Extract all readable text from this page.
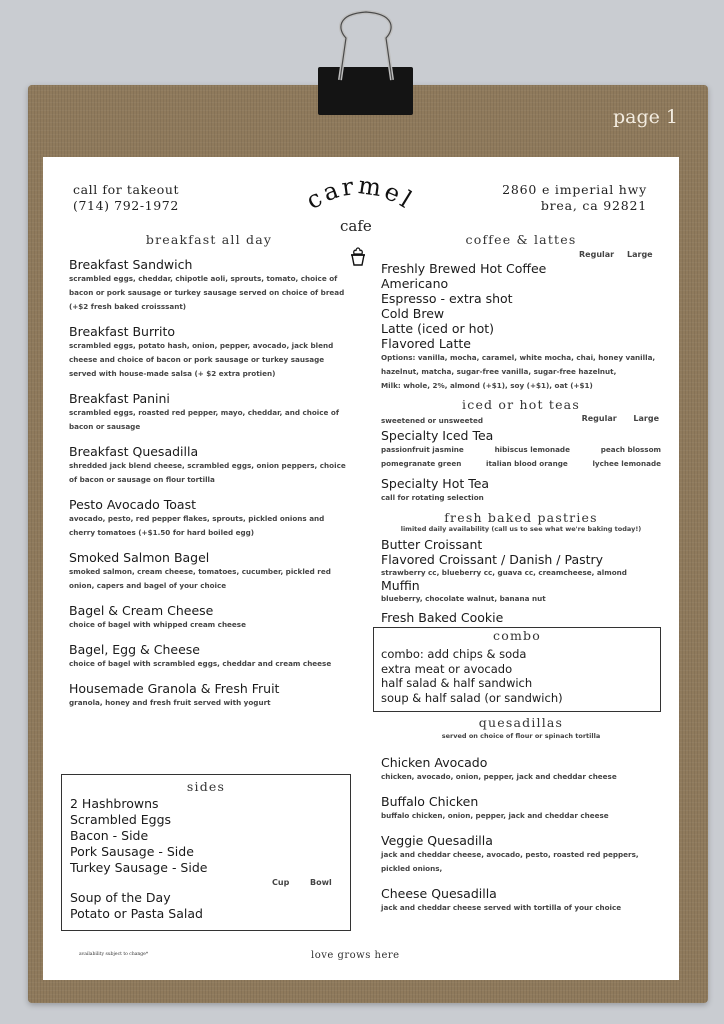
page 1
call for takeout
(714) 792-1972	carmel
cafe
2860 e imperial hwy
brea, ca 92821
breakfast all day
Breakfast Sandwich
scrambled eggs, cheddar, chipotle aoli, sprouts, tomato, choice of bacon or pork sausage or turkey sausage served on choice of bread (+$2 fresh baked croisssant)
Breakfast Burrito
scrambled eggs, potato hash, onion, pepper, avocado, jack blend cheese and choice of bacon or pork sausage or turkey sausage served with house-made salsa (+ $2 extra protien)
Breakfast Panini
scrambled eggs, roasted red pepper, mayo, cheddar, and choice of bacon or sausage
Breakfast Quesadilla
shredded jack blend cheese, scrambled eggs, onion peppers, choice of bacon or sausage on flour tortilla
Pesto Avocado Toast
avocado, pesto, red pepper flakes, sprouts, pickled onions and cherry tomatoes (+$1.50 for hard boiled egg)
Smoked Salmon Bagel
smoked salmon, cream cheese, tomatoes, cucumber, pickled red onion, capers and bagel of your choice
Bagel & Cream Cheese
choice of bagel with whipped cream cheese
Bagel, Egg & Cheese
choice of bagel with scrambled eggs, cheddar and cream cheese
Housemade Granola & Fresh Fruit
granola, honey and fresh fruit served with yogurt
sides
2 Hashbrowns
Scrambled Eggs
Bacon - Side
Pork Sausage - Side
Turkey Sausage - Side
Cup	Bowl
Soup of the Day
Potato or Pasta Salad
coffee & lattes
Regular Large
Freshly Brewed Hot Coffee
Americano
Espresso - extra shot
Cold Brew
Latte (iced or hot)
Flavored Latte
Options: vanilla, mocha, caramel, white mocha, chai, honey vanilla,
hazelnut, matcha, sugar-free vanilla, sugar-free hazelnut,
Milk: whole, 2%, almond (+$1), soy (+$1), oat (+$1)
iced or hot teas
sweetened or unsweeted	Regular Large
Specialty Iced Tea
passionfruit jasmine	hibiscus lemonade	peach blossom
pomegranate green	italian blood orange	lychee lemonade
Specialty Hot Tea
call for rotating selection
fresh baked pastries
limited daily availability (call us to see what we're baking today!)
Butter Croissant
Flavored Croissant / Danish / Pastry
strawberry cc, blueberry cc, guava cc, creamcheese, almond
Muffin
blueberry, chocolate walnut, banana nut
Fresh Baked Cookie
combo
combo: add chips & soda
extra meat or avocado
half salad & half sandwich
soup & half salad (or sandwich)
quesadillas
served on choice of flour or spinach tortilla
Chicken Avocado
chicken, avocado, onion, pepper, jack and cheddar cheese
Buffalo Chicken
buffalo chicken, onion, pepper, jack and cheddar cheese
Veggie Quesadilla
jack and cheddar cheese, avocado, pesto, roasted red peppers, pickled onions,
Cheese Quesadilla
jack and cheddar cheese served with tortilla of your choice
availability subject to change*	love grows here
